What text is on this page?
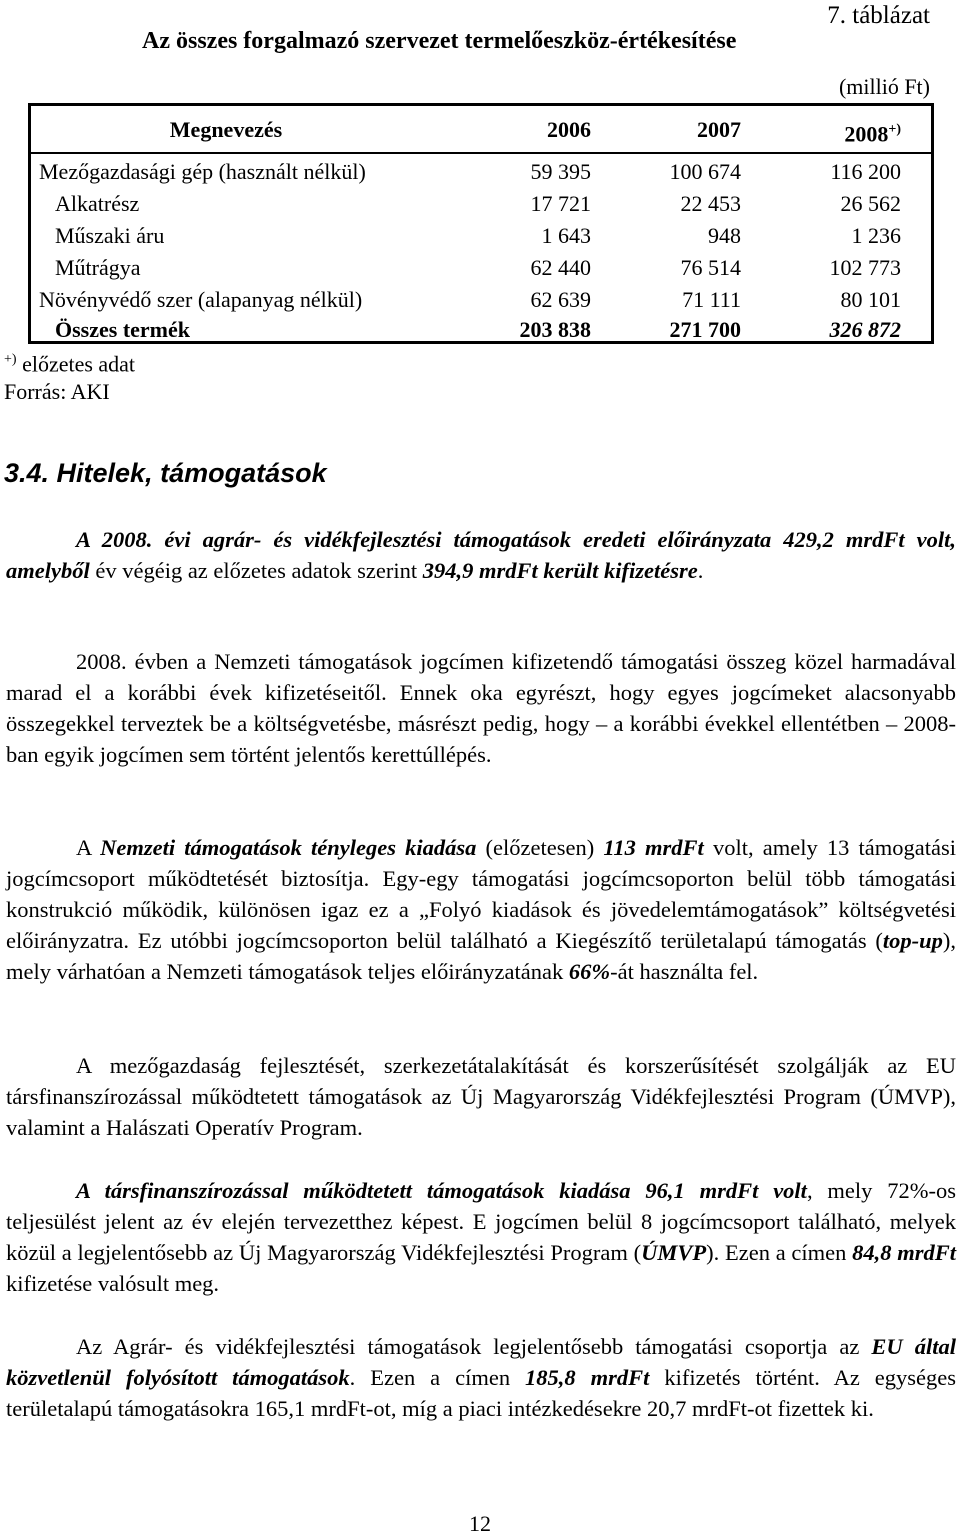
7. táblázat
Az összes forgalmazó szervezet termelőeszköz-értékesítése
(millió Ft)
Megnevezés	2006	2007	2008+)
Mezőgazdasági gép (használt nélkül)	59 395	100 674	116 200
Alkatrész	17 721	22 453	26 562
Műszaki áru	1 643	948	1 236
Műtrágya	62 440	76 514	102 773
Növényvédő szer (alapanyag nélkül)	62 639	71 111	80 101
Összes termék	203 838	271 700	326 872
+) előzetes adat
Forrás: AKI
3.4. Hitelek, támogatások
A 2008. évi agrár- és vidékfejlesztési támogatások eredeti előirányzata 429,2 mrdFt volt, amelyből év végéig az előzetes adatok szerint 394,9 mrdFt került kifizetésre.
2008. évben a Nemzeti támogatások jogcímen kifizetendő támogatási összeg közel harmadával marad el a korábbi évek kifizetéseitől. Ennek oka egyrészt, hogy egyes jogcímeket alacsonyabb összegekkel terveztek be a költségvetésbe, másrészt pedig, hogy – a korábbi évekkel ellentétben – 2008-ban egyik jogcímen sem történt jelentős kerettúllépés.
A Nemzeti támogatások tényleges kiadása (előzetesen) 113 mrdFt volt, amely 13 támogatási jogcímcsoport működtetését biztosítja. Egy-egy támogatási jogcímcsoporton belül több támogatási konstrukció működik, különösen igaz ez a „Folyó kiadások és jövedelemtámogatások” költségvetési előirányzatra. Ez utóbbi jogcímcsoporton belül található a Kiegészítő területalapú támogatás (top-up), mely várhatóan a Nemzeti támogatások teljes előirányzatának 66%-át használta fel.
A mezőgazdaság fejlesztését, szerkezetátalakítását és korszerűsítését szolgálják az EU társfinanszírozással működtetett támogatások az Új Magyarország Vidékfejlesztési Program (ÚMVP), valamint a Halászati Operatív Program.
A társfinanszírozással működtetett támogatások kiadása 96,1 mrdFt volt, mely 72%-os teljesülést jelent az év elején tervezetthez képest. E jogcímen belül 8 jogcímcsoport található, melyek közül a legjelentősebb az Új Magyarország Vidékfejlesztési Program (ÚMVP). Ezen a címen 84,8 mrdFt kifizetése valósult meg.
Az Agrár- és vidékfejlesztési támogatások legjelentősebb támogatási csoportja az EU által közvetlenül folyósított támogatások. Ezen a címen 185,8 mrdFt kifizetés történt. Az egységes területalapú támogatásokra 165,1 mrdFt-ot, míg a piaci intézkedésekre 20,7 mrdFt-ot fizettek ki.
12
